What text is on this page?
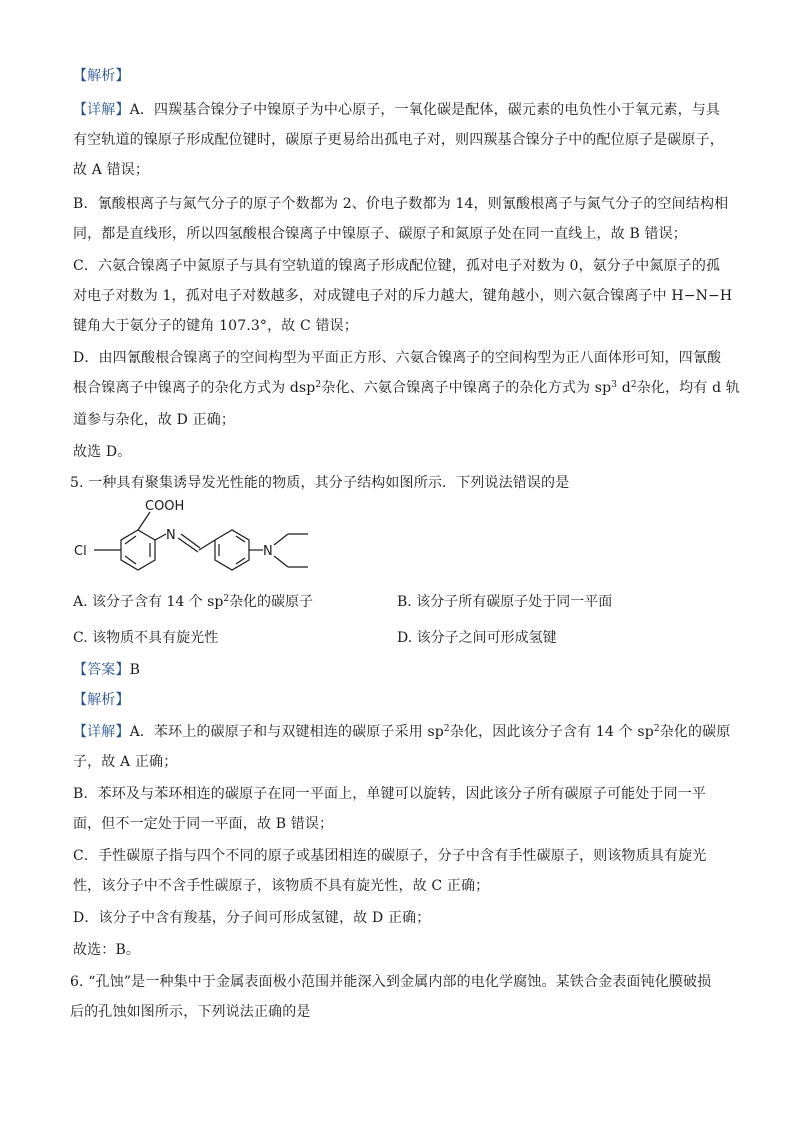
【解析】
【详解】A．四羰基合镍分子中镍原子为中心原子，一氧化碳是配体，碳元素的电负性小于氧元素，与具
有空轨道的镍原子形成配位键时，碳原子更易给出孤电子对，则四羰基合镍分子中的配位原子是碳原子，
故 A 错误；
B．氰酸根离子与氮气分子的原子个数都为 2、价电子数都为 14，则氰酸根离子与氮气分子的空间结构相
同，都是直线形，所以四氢酸根合镍离子中镍原子、碳原子和氮原子处在同一直线上，故 B 错误；
C．六氨合镍离子中氮原子与具有空轨道的镍离子形成配位键，孤对电子对数为 0，氨分子中氮原子的孤
对电子对数为 1，孤对电子对数越多，对成键电子对的斥力越大，键角越小，则六氨合镍离子中 H−N−H
键角大于氨分子的键角 107.3°，故 C 错误；
D．由四氰酸根合镍离子的空间构型为平面正方形、六氨合镍离子的空间构型为正八面体形可知，四氰酸
根合镍离子中镍离子的杂化方式为 dsp$^2$杂化、六氨合镍离子中镍离子的杂化方式为 $sp^3$ $d^2$杂化，均有 d 轨
道参与杂化，故 D 正确；
故选 D。
5. 一种具有聚集诱导发光性能的物质，其分子结构如图所示．下列说法错误的是
COOH
Cl
N
N
A. 该分子含有 14 个 $sp^2$杂化的碳原子	B. 该分子所有碳原子处于同一平面
C. 该物质不具有旋光性	D. 该分子之间可形成氢键
【答案】B
【解析】
【详解】A．苯环上的碳原子和与双键相连的碳原子采用 $sp^2$杂化，因此该分子含有 14 个 $sp^2$杂化的碳原
子，故 A 正确；
B．苯环及与苯环相连的碳原子在同一平面上，单键可以旋转，因此该分子所有碳原子可能处于同一平
面，但不一定处于同一平面，故 B 错误；
C．手性碳原子指与四个不同的原子或基团相连的碳原子，分子中含有手性碳原子，则该物质具有旋光
性，该分子中不含手性碳原子，该物质不具有旋光性，故 C 正确；
D．该分子中含有羧基，分子间可形成氢键，故 D 正确；
故选：B。
6. “孔蚀”是一种集中于金属表面极小范围并能深入到金属内部的电化学腐蚀。某铁合金表面钝化膜破损
后的孔蚀如图所示，下列说法正确的是
